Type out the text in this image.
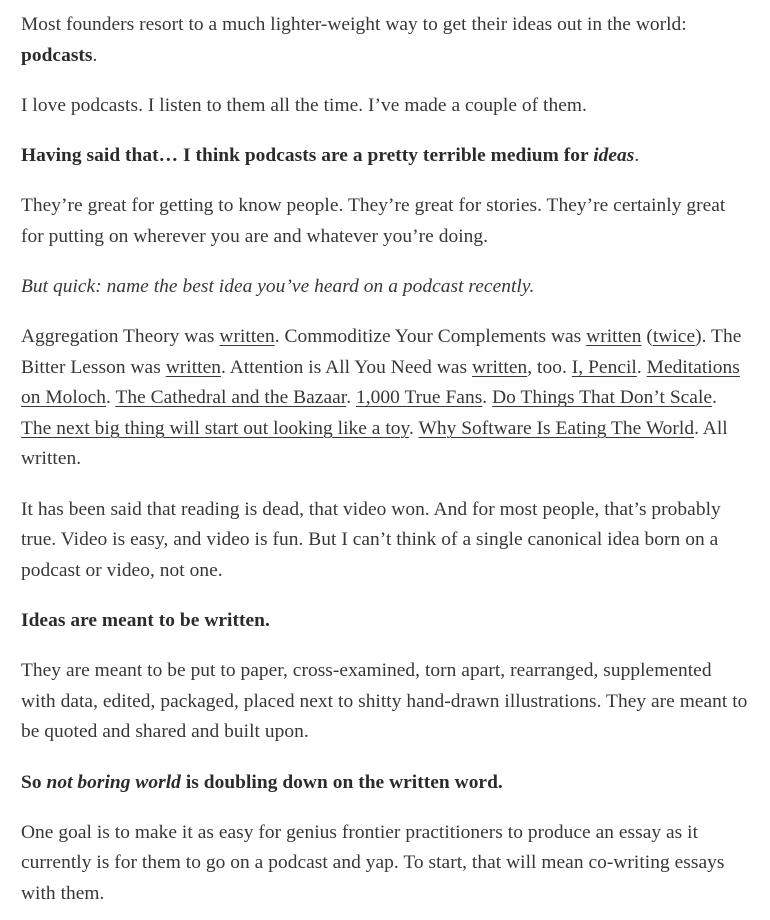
Most founders resort to a much lighter-weight way to get their ideas out in the world: podcasts.

I love podcasts. I listen to them all the time. I’ve made a couple of them.

Having said that… I think podcasts are a pretty terrible medium for ideas.

They’re great for getting to know people. They’re great for stories. They’re certainly great for putting on wherever you are and whatever you’re doing.

But quick: name the best idea you’ve heard on a podcast recently.

Aggregation Theory was written. Commoditize Your Complements was written (twice). The Bitter Lesson was written. Attention is All You Need was written, too. I, Pencil. Meditations on Moloch. The Cathedral and the Bazaar. 1,000 True Fans. Do Things That Don’t Scale. The next big thing will start out looking like a toy. Why Software Is Eating The World. All written.

It has been said that reading is dead, that video won. And for most people, that’s probably true. Video is easy, and video is fun. But I can’t think of a single canonical idea born on a podcast or video, not one.

Ideas are meant to be written.

They are meant to be put to paper, cross-examined, torn apart, rearranged, supplemented with data, edited, packaged, placed next to shitty hand-drawn illustrations. They are meant to be quoted and shared and built upon.

So not boring world is doubling down on the written word.

One goal is to make it as easy for genius frontier practitioners to produce an essay as it currently is for them to go on a podcast and yap. To start, that will mean co-writing essays with them.
